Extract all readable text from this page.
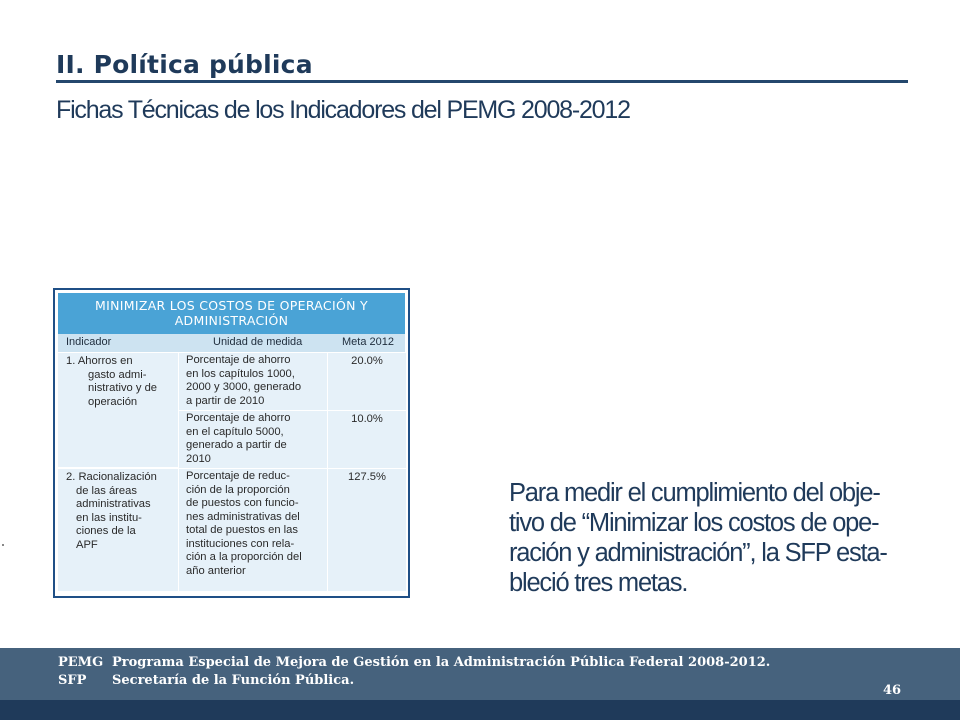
II. Política pública
Fichas Técnicas de los Indicadores del PEMG 2008-2012
MINIMIZAR LOS COSTOS DE OPERACIÓN Y
ADMINISTRACIÓN
Indicador	Unidad de medida	Meta 2012
1. Ahorros en
gasto admi-
nistrativo y de
operación
Porcentaje de ahorro
en los capítulos 1000,
2000 y 3000, generado
a partir de 2010
20.0%
Porcentaje de ahorro
en el capítulo 5000,
generado a partir de
2010
10.0%
2. Racionalización
de las áreas
administrativas
en las institu-
ciones de la
APF
Porcentaje de reduc-
ción de la proporción
de puestos con funcio-
nes administrativas del
total de puestos en las
instituciones con rela-
ción a la proporción del
año anterior
127.5%
Para medir el cumplimiento del obje-
tivo de “Minimizar los costos de ope-
ración y administración”, la SFP esta-
bleció tres metas.
PEMG Programa Especial de Mejora de Gestión en la Administración Pública Federal 2008-2012.
SFP Secretaría de la Función Pública.
46
